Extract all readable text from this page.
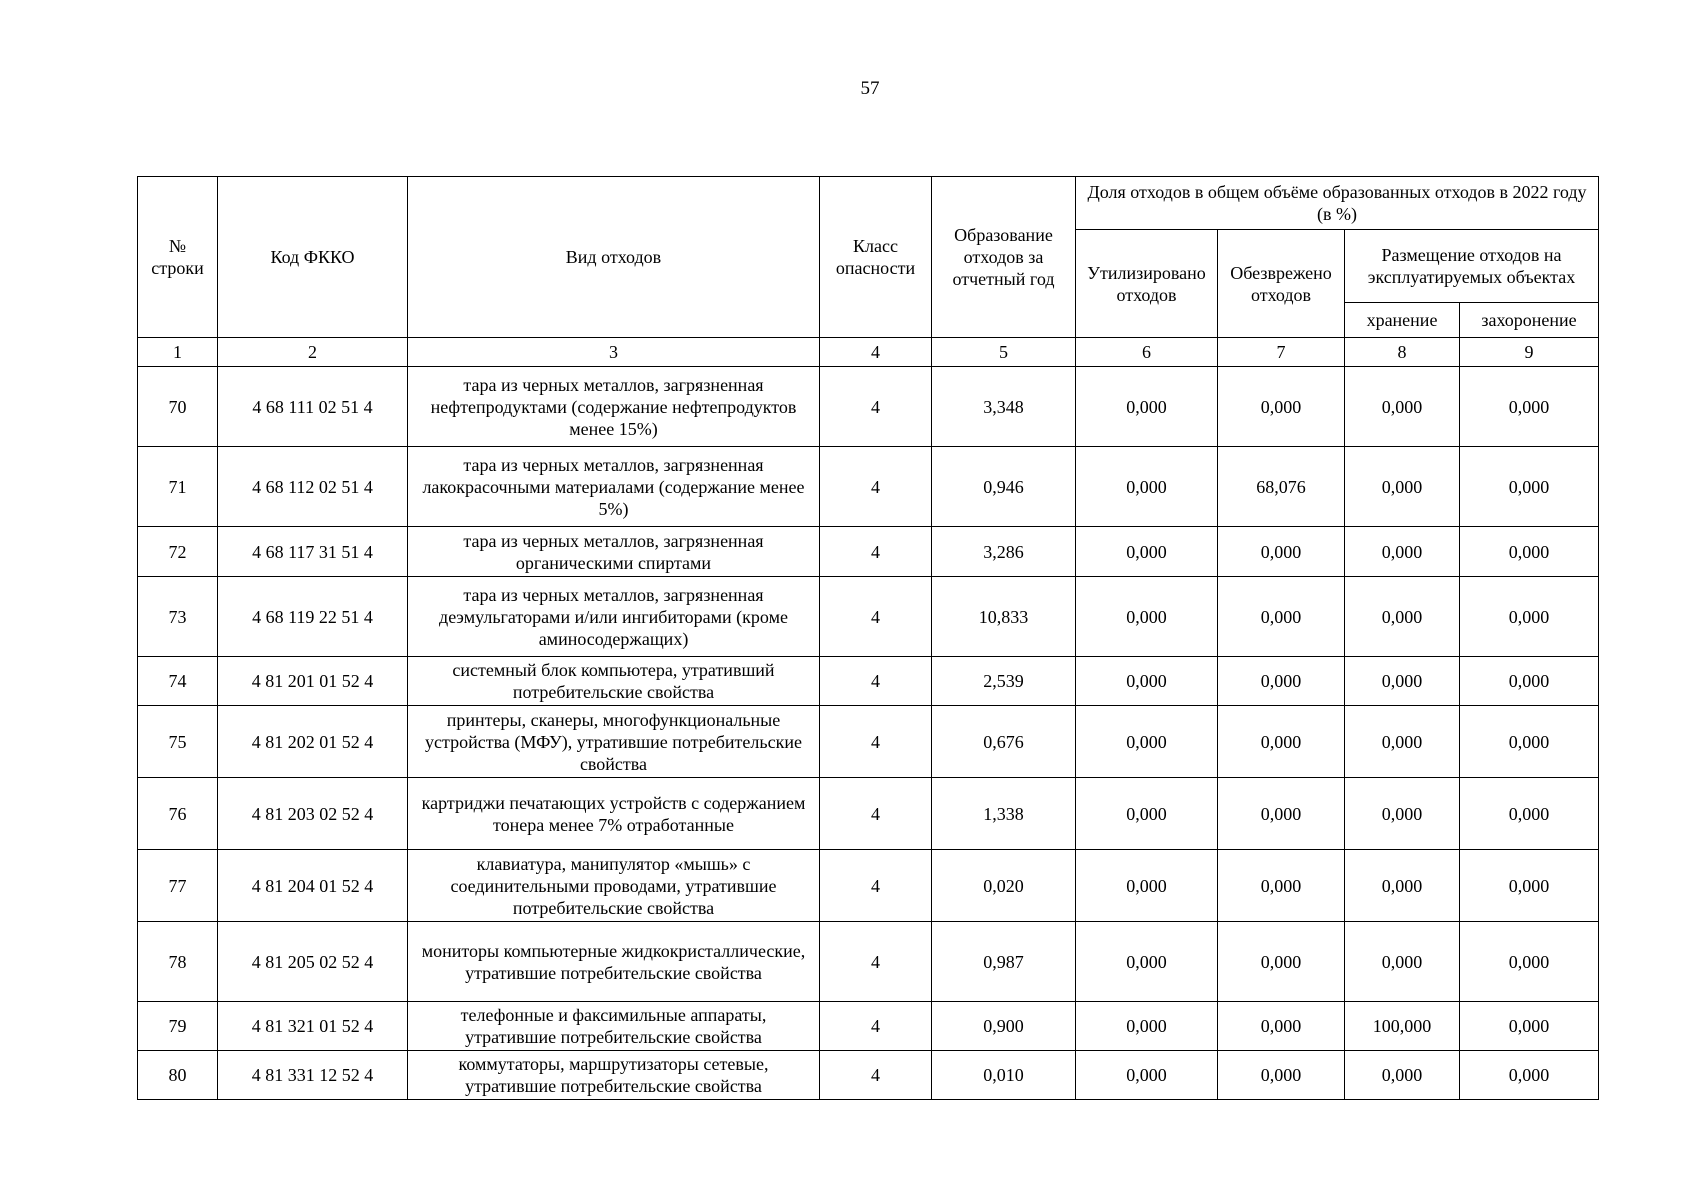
57
№ строки	Код ФККО	Вид отходов	Класс опасности	Образование отходов за отчетный год	Доля отходов в общем объёме образованных отходов в 2022 году (в %)			
					Утилизировано отходов	Обезврежено отходов	Размещение отходов на эксплуатируемых объектах	
							хранение	захоронение
1	2	3	4	5	6	7	8	9
70	4 68 111 02 51 4	тара из черных металлов, загрязненная нефтепродуктами (содержание нефтепродуктов менее 15%)	4	3,348	0,000	0,000	0,000	0,000
71	4 68 112 02 51 4	тара из черных металлов, загрязненная лакокрасочными материалами (содержание менее 5%)	4	0,946	0,000	68,076	0,000	0,000
72	4 68 117 31 51 4	тара из черных металлов, загрязненная органическими спиртами	4	3,286	0,000	0,000	0,000	0,000
73	4 68 119 22 51 4	тара из черных металлов, загрязненная деэмульгаторами и/или ингибиторами (кроме аминосодержащих)	4	10,833	0,000	0,000	0,000	0,000
74	4 81 201 01 52 4	системный блок компьютера, утративший потребительские свойства	4	2,539	0,000	0,000	0,000	0,000
75	4 81 202 01 52 4	принтеры, сканеры, многофункциональные устройства (МФУ), утратившие потребительские свойства	4	0,676	0,000	0,000	0,000	0,000
76	4 81 203 02 52 4	картриджи печатающих устройств с содержанием тонера менее 7% отработанные	4	1,338	0,000	0,000	0,000	0,000
77	4 81 204 01 52 4	клавиатура, манипулятор «мышь» с соединительными проводами, утратившие потребительские свойства	4	0,020	0,000	0,000	0,000	0,000
78	4 81 205 02 52 4	мониторы компьютерные жидкокристаллические, утратившие потребительские свойства	4	0,987	0,000	0,000	0,000	0,000
79	4 81 321 01 52 4	телефонные и факсимильные аппараты, утратившие потребительские свойства	4	0,900	0,000	0,000	100,000	0,000
80	4 81 331 12 52 4	коммутаторы, маршрутизаторы сетевые, утратившие потребительские свойства	4	0,010	0,000	0,000	0,000	0,000
